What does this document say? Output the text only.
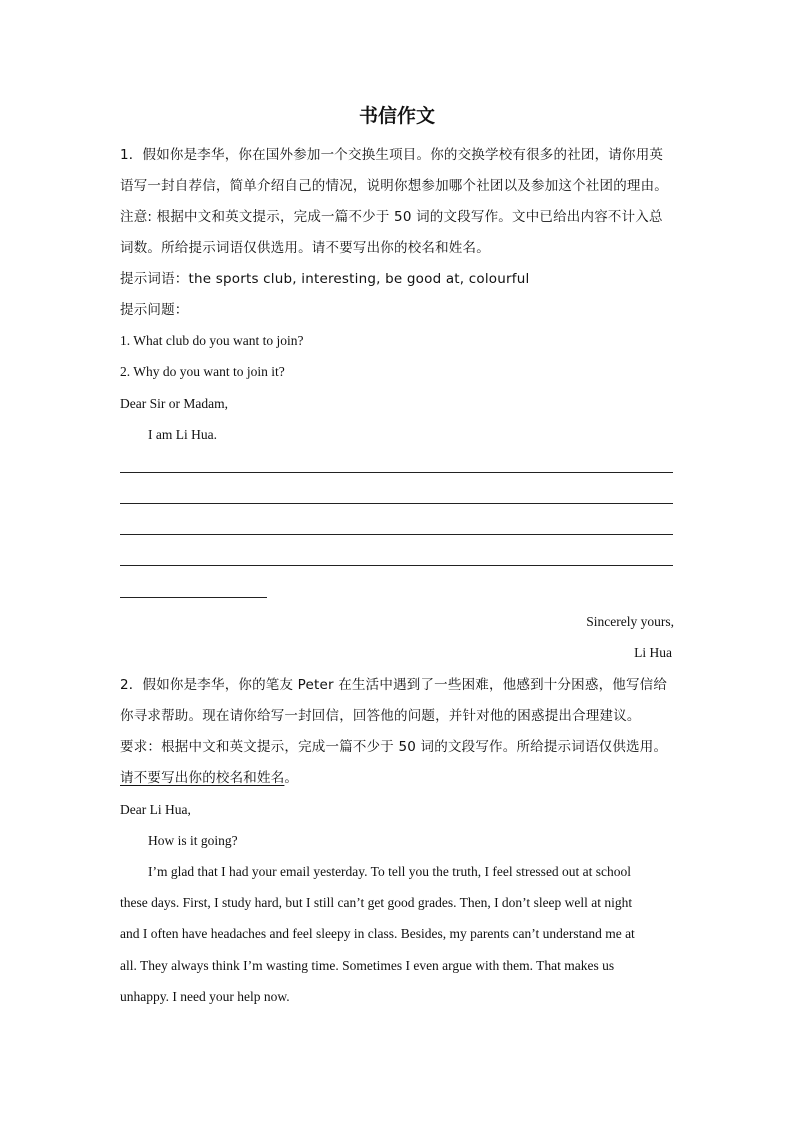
书信作文
1．假如你是李华，你在国外参加一个交换生项目。你的交换学校有很多的社团，请你用英
语写一封自荐信，简单介绍自己的情况，说明你想参加哪个社团以及参加这个社团的理由。
注意: 根据中文和英文提示，完成一篇不少于 50 词的文段写作。文中已给出内容不计入总
词数。所给提示词语仅供选用。请不要写出你的校名和姓名。
提示词语：the sports club, interesting, be good at, colourful
提示问题：
1. What club do you want to join?
2. Why do you want to join it?
Dear Sir or Madam,
I am Li Hua.
Sincerely yours,
Li Hua
2．假如你是李华，你的笔友 Peter 在生活中遇到了一些困难，他感到十分困惑，他写信给
你寻求帮助。现在请你给写一封回信，回答他的问题，并针对他的困惑提出合理建议。
要求：根据中文和英文提示，完成一篇不少于 50 词的文段写作。所给提示词语仅供选用。
请不要写出你的校名和姓名。
Dear Li Hua,
How is it going?
I’m glad that I had your email yesterday. To tell you the truth, I feel stressed out at school
these days. First, I study hard, but I still can’t get good grades. Then, I don’t sleep well at night
and I often have headaches and feel sleepy in class. Besides, my parents can’t understand me at
all. They always think I’m wasting time. Sometimes I even argue with them. That makes us
unhappy. I need your help now.
